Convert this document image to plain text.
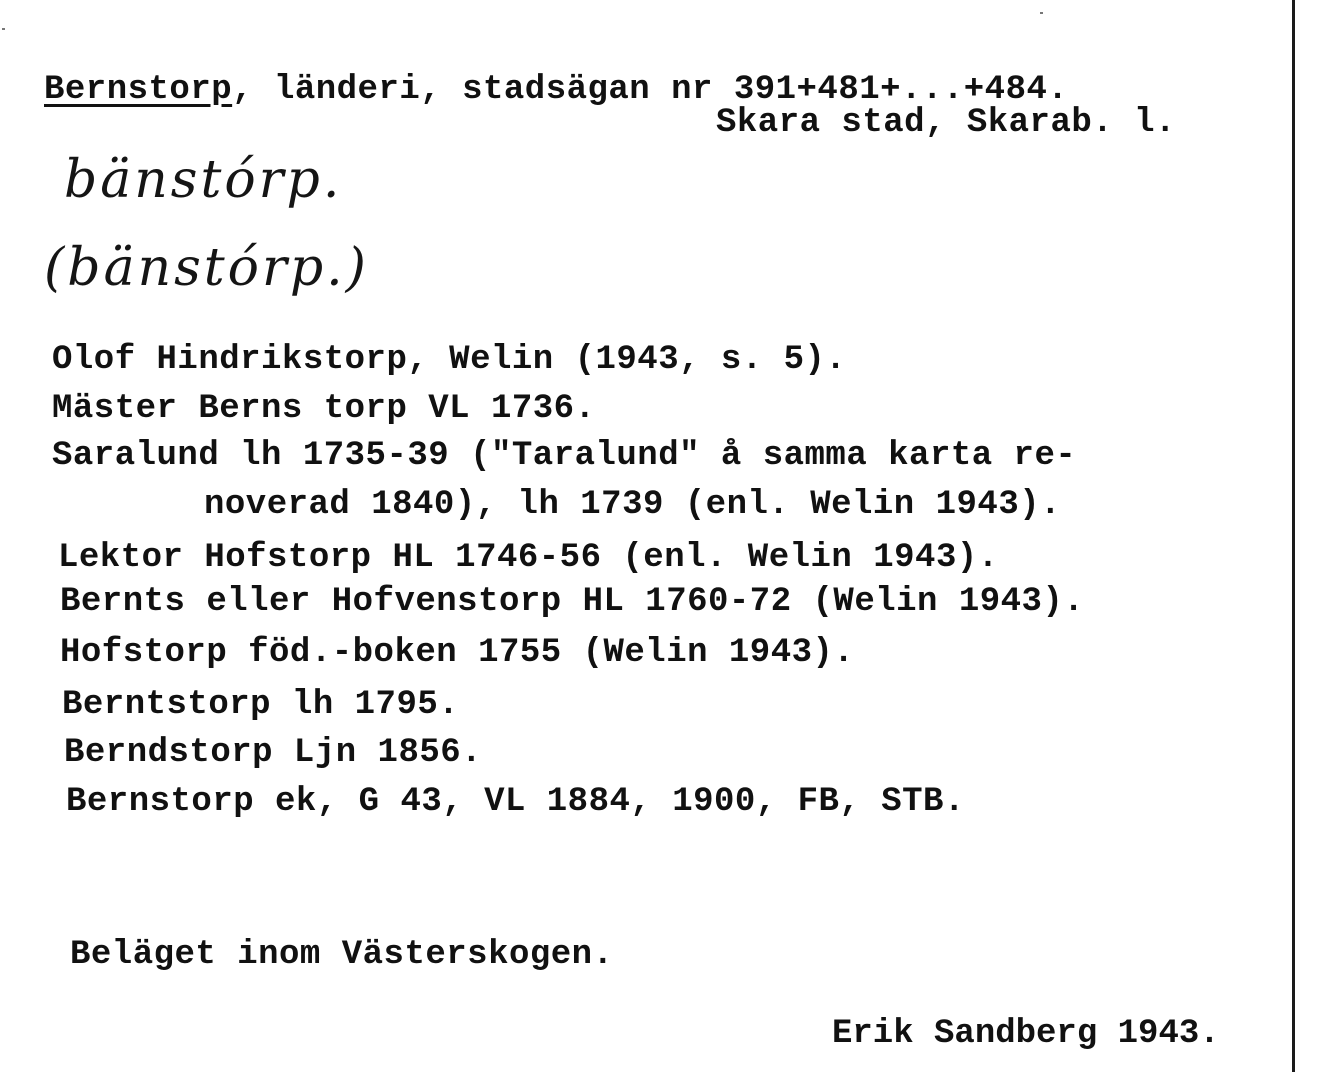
Bernstorp, länderi, stadsägan nr 391+481+...+484.
Skara stad, Skarab. l.
bänstórp.
(bänstórp.)
Olof Hindrikstorp, Welin (1943, s. 5).
Mäster Berns torp VL 1736.
Saralund lh 1735-39 ("Taralund" å samma karta re-
noverad 1840), lh 1739 (enl. Welin 1943).
Lektor Hofstorp HL 1746-56 (enl. Welin 1943).
Bernts eller Hofvenstorp HL 1760-72 (Welin 1943).
Hofstorp föd.-boken 1755 (Welin 1943).
Berntstorp lh 1795.
Berndstorp Ljn 1856.
Bernstorp ek, G 43, VL 1884, 1900, FB, STB.
Beläget inom Västerskogen.
Erik Sandberg 1943.
